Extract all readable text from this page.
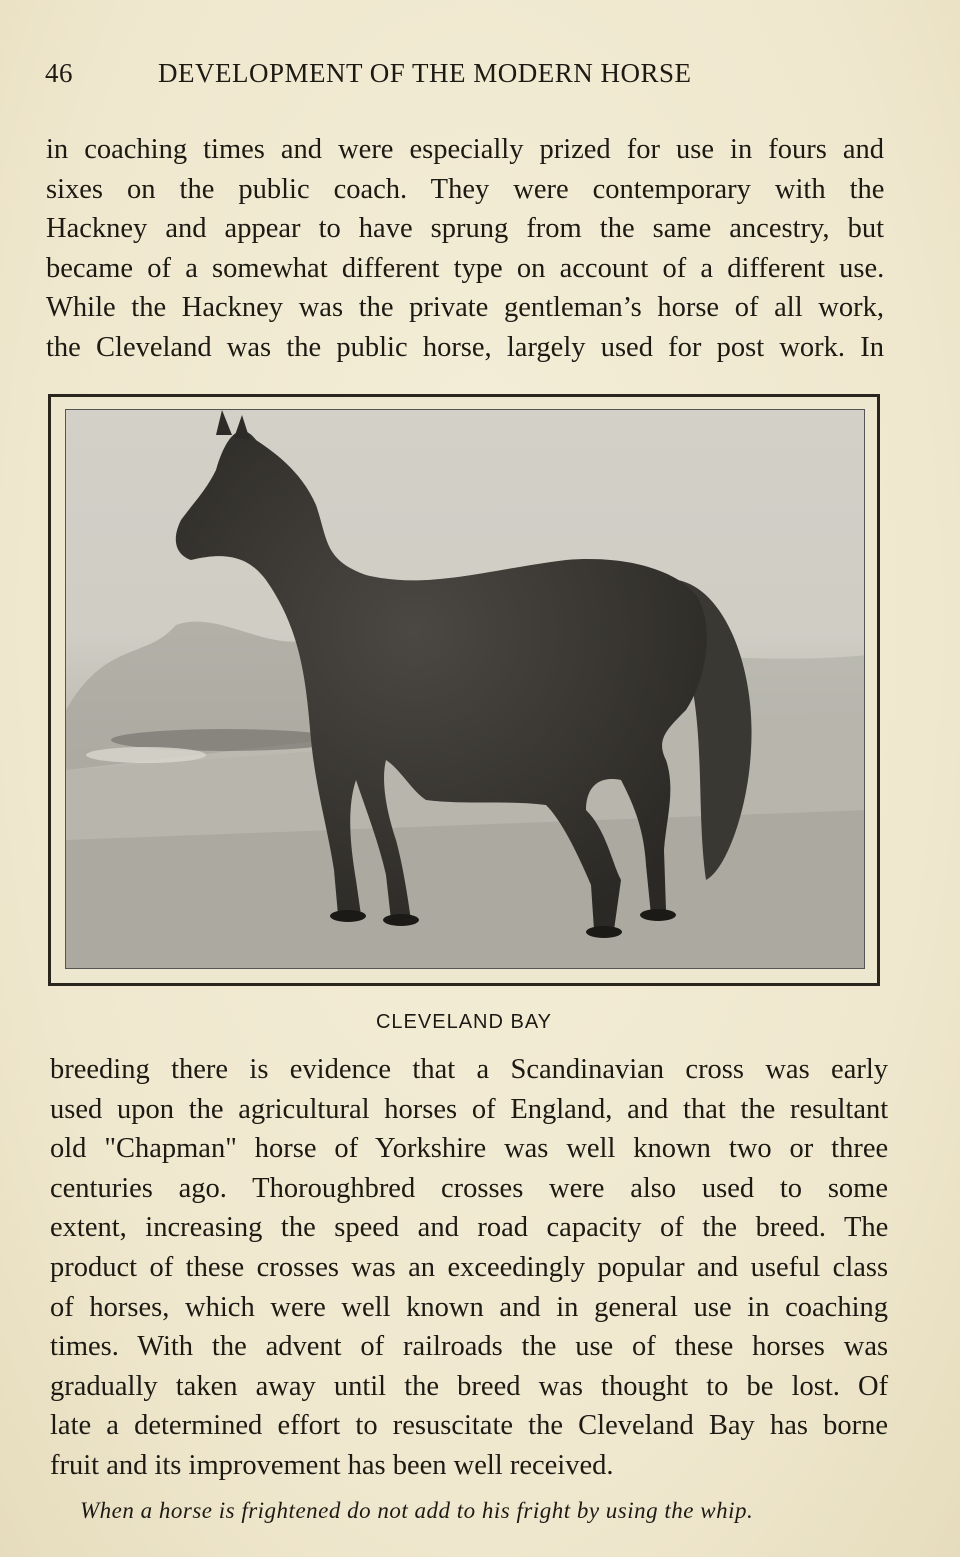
46	DEVELOPMENT OF THE MODERN HORSE

in coaching times and were especially prized for use in fours and
sixes on the public coach. They were contemporary with the
Hackney and appear to have sprung from the same ancestry, but
became of a somewhat different type on account of a different use.
While the Hackney was the private gentleman’s horse of all work,
the Cleveland was the public horse, largely used for post work. In

CLEVELAND BAY

breeding there is evidence that a Scandinavian cross was early
used upon the agricultural horses of England, and that the resultant
old "Chapman" horse of Yorkshire was well known two or three
centuries ago. Thoroughbred crosses were also used to some
extent, increasing the speed and road capacity of the breed. The
product of these crosses was an exceedingly popular and useful class
of horses, which were well known and in general use in coaching
times. With the advent of railroads the use of these horses was
gradually taken away until the breed was thought to be lost. Of
late a determined effort to resuscitate the Cleveland Bay has borne
fruit and its improvement has been well received.

When a horse is frightened do not add to his fright by using the whip.
